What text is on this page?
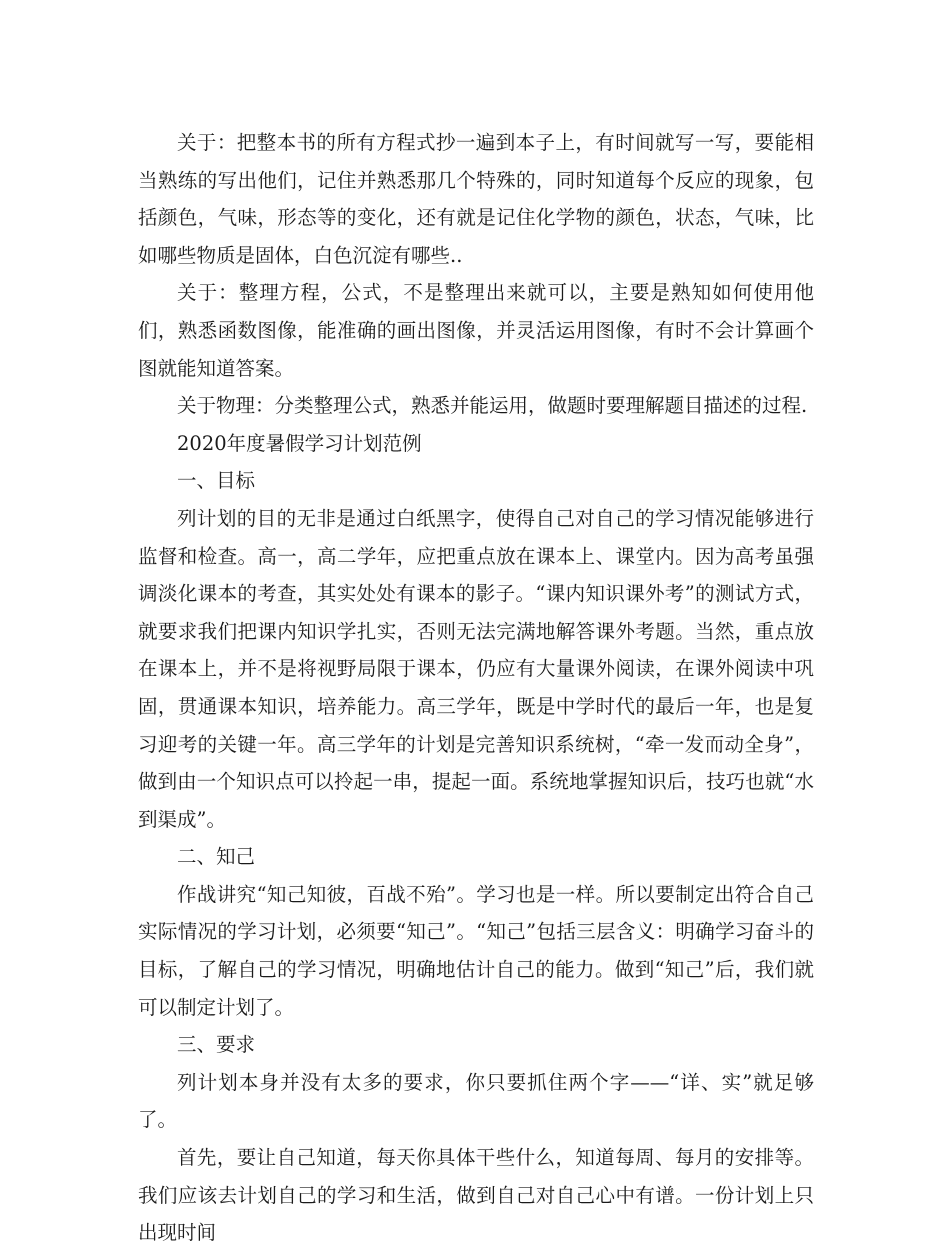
关于：把整本书的所有方程式抄一遍到本子上，有时间就写一写，要能相当熟练的写出他们，记住并熟悉那几个特殊的，同时知道每个反应的现象，包括颜色，气味，形态等的变化，还有就是记住化学物的颜色，状态，气味，比如哪些物质是固体，白色沉淀有哪些..

关于：整理方程，公式，不是整理出来就可以，主要是熟知如何使用他们，熟悉函数图像，能准确的画出图像，并灵活运用图像，有时不会计算画个图就能知道答案。

关于物理：分类整理公式，熟悉并能运用，做题时要理解题目描述的过程.

2020年度暑假学习计划范例

一、目标

列计划的目的无非是通过白纸黑字，使得自己对自己的学习情况能够进行监督和检查。高一，高二学年，应把重点放在课本上、课堂内。因为高考虽强调淡化课本的考查，其实处处有课本的影子。“课内知识课外考”的测试方式，就要求我们把课内知识学扎实，否则无法完满地解答课外考题。当然，重点放在课本上，并不是将视野局限于课本，仍应有大量课外阅读，在课外阅读中巩固，贯通课本知识，培养能力。高三学年，既是中学时代的最后一年，也是复习迎考的关键一年。高三学年的计划是完善知识系统树，“牵一发而动全身”，做到由一个知识点可以拎起一串，提起一面。系统地掌握知识后，技巧也就“水到渠成”。

二、知己

作战讲究“知己知彼，百战不殆”。学习也是一样。所以要制定出符合自己实际情况的学习计划，必须要“知己”。“知己”包括三层含义：明确学习奋斗的目标，了解自己的学习情况，明确地估计自己的能力。做到“知己”后，我们就可以制定计划了。

三、要求

列计划本身并没有太多的要求，你只要抓住两个字——“详、实”就足够了。

首先，要让自己知道，每天你具体干些什么，知道每周、每月的安排等。我们应该去计划自己的学习和生活，做到自己对自己心中有谱。一份计划上只出现时间
